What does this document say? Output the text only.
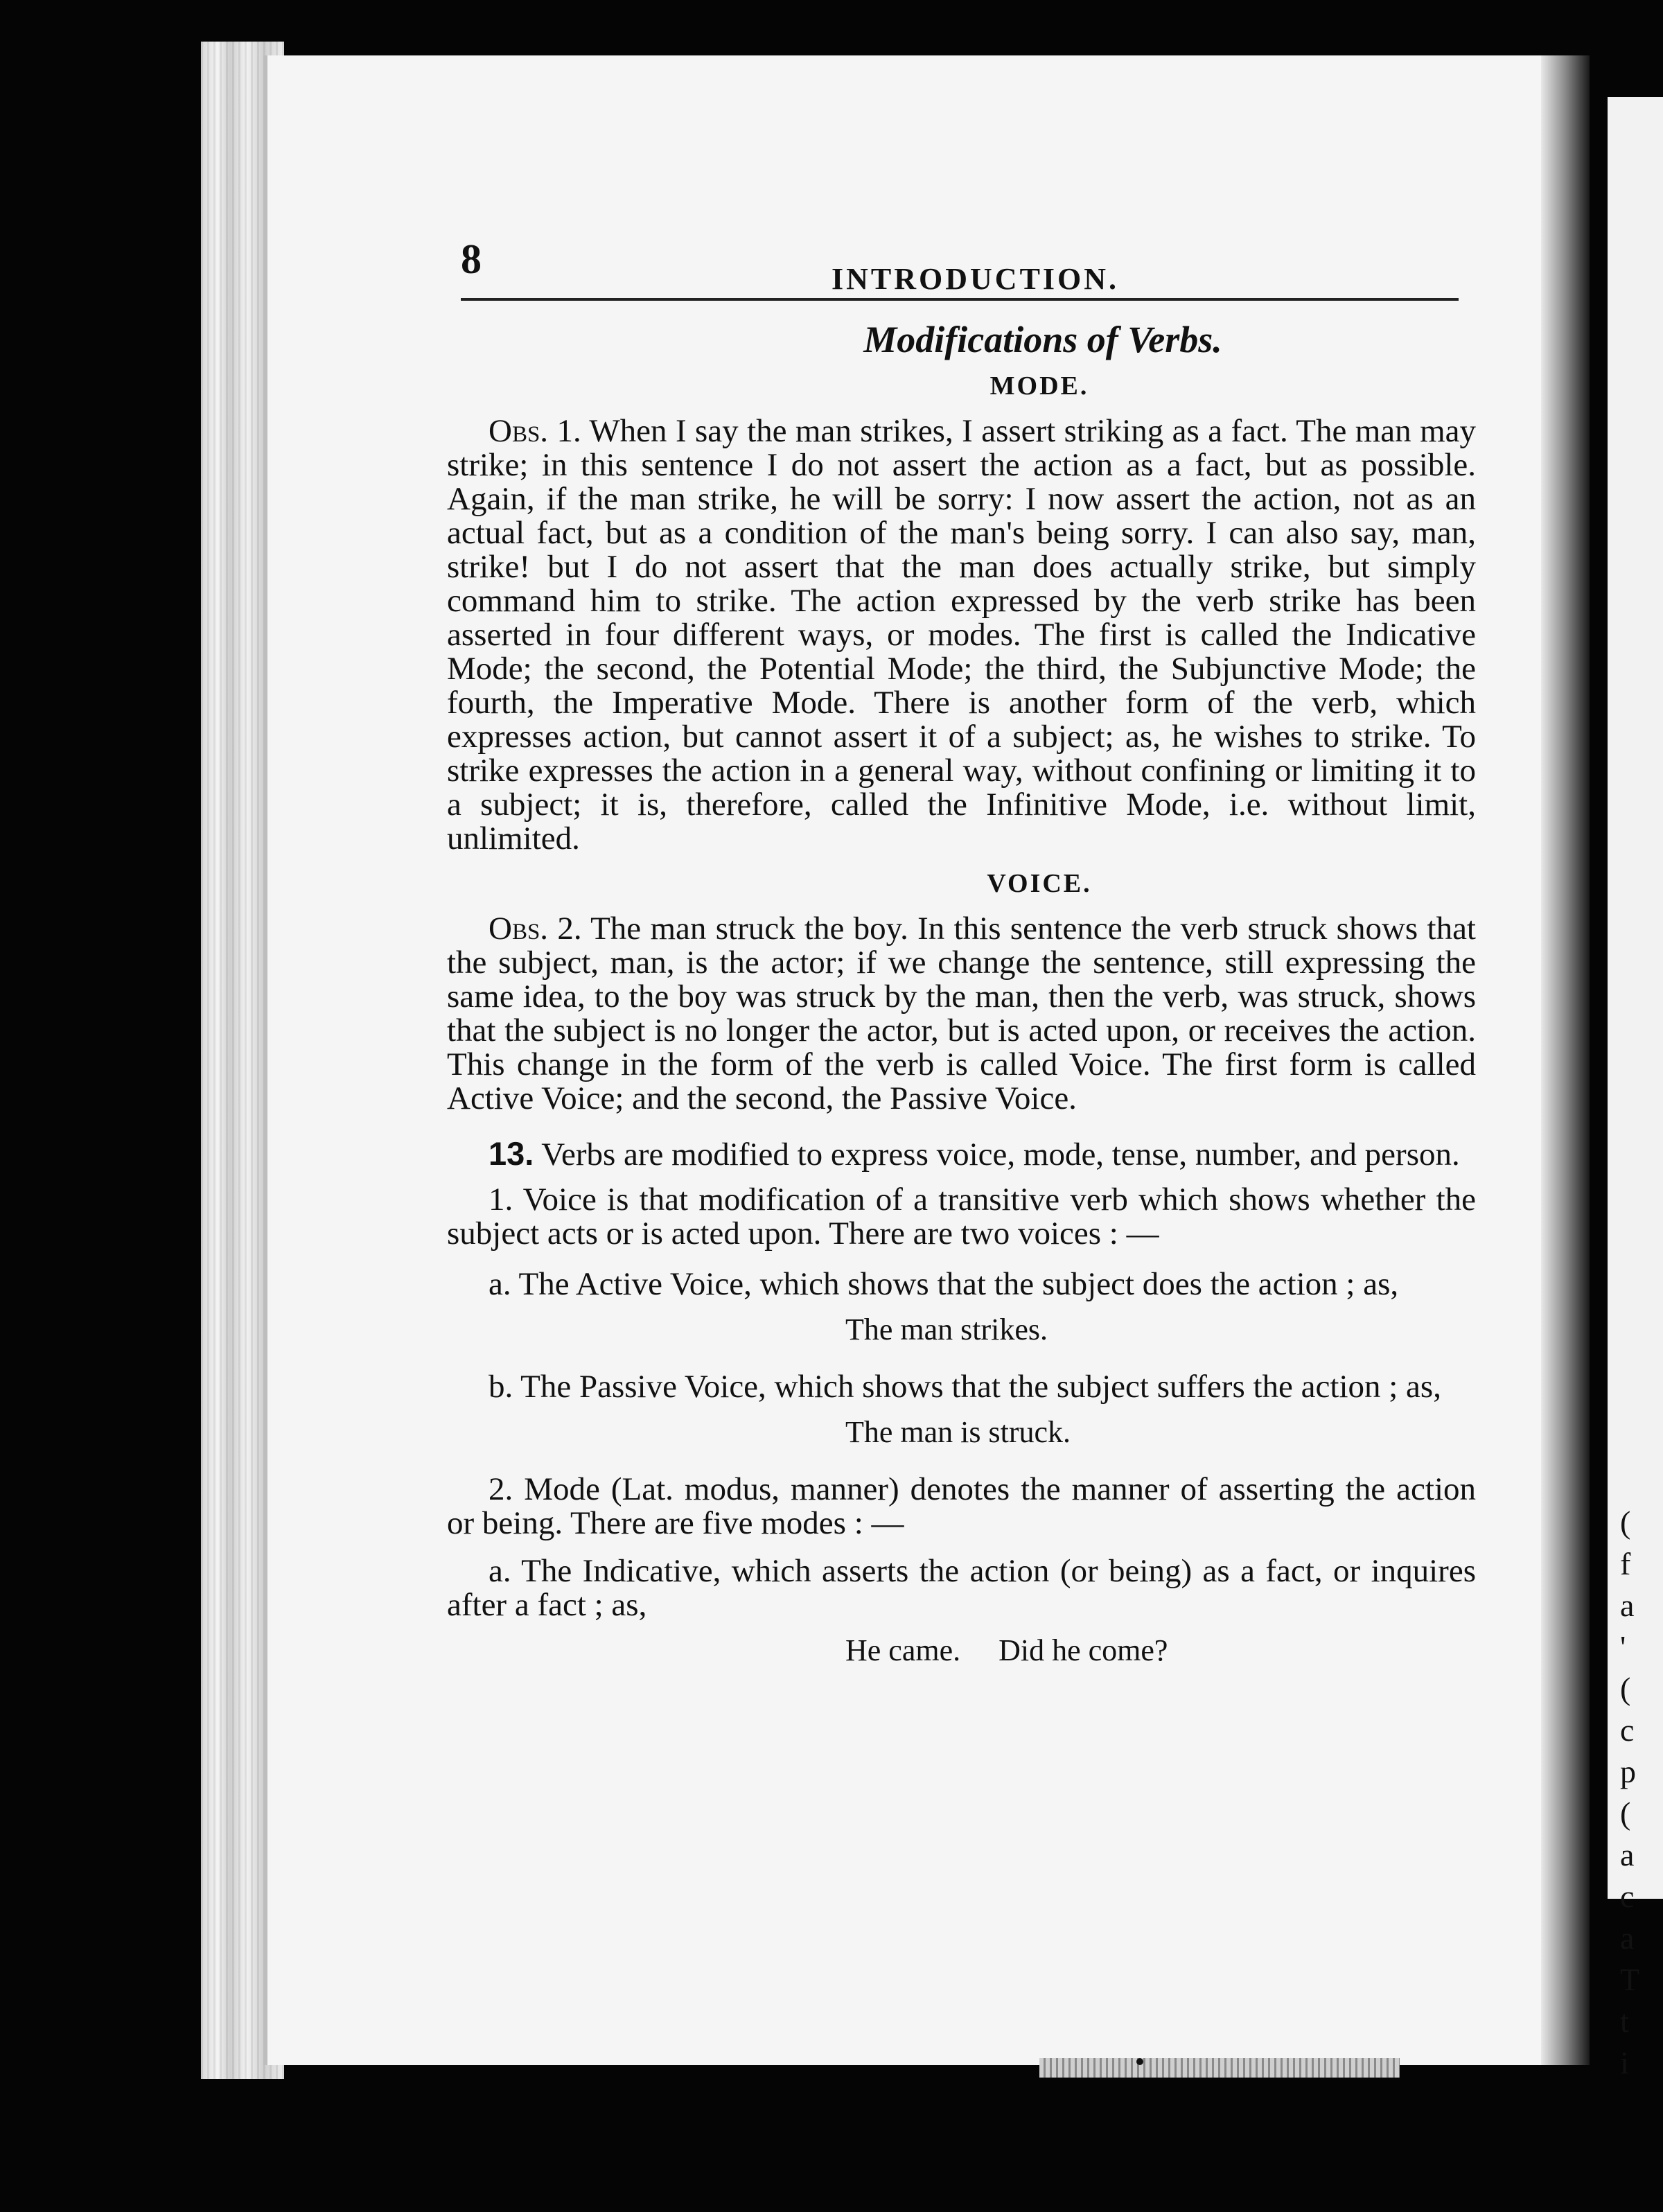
(
f
a
'
(
c
p
(
a
c
a
T
t
i
8	INTRODUCTION.
Modifications of Verbs.
MODE.

Obs. 1. When I say the man strikes, I assert striking as a fact. The man may strike; in this sentence I do not assert the action as a fact, but as possible. Again, if the man strike, he will be sorry: I now assert the action, not as an actual fact, but as a condition of the man's being sorry. I can also say, man, strike! but I do not assert that the man does actually strike, but simply command him to strike. The action expressed by the verb strike has been asserted in four different ways, or modes. The first is called the Indicative Mode; the second, the Potential Mode; the third, the Subjunctive Mode; the fourth, the Imperative Mode. There is another form of the verb, which expresses action, but cannot assert it of a subject; as, he wishes to strike. To strike expresses the action in a general way, without confining or limiting it to a subject; it is, therefore, called the Infinitive Mode, i.e. without limit, unlimited.

VOICE.

Obs. 2. The man struck the boy. In this sentence the verb struck shows that the subject, man, is the actor; if we change the sentence, still expressing the same idea, to the boy was struck by the man, then the verb, was struck, shows that the subject is no longer the actor, but is acted upon, or receives the action. This change in the form of the verb is called Voice. The first form is called Active Voice; and the second, the Passive Voice.

13. Verbs are modified to express voice, mode, tense, number, and person.

1. Voice is that modification of a transitive verb which shows whether the subject acts or is acted upon. There are two voices : —

a. The Active Voice, which shows that the subject does the action ; as,

The man strikes.

b. The Passive Voice, which shows that the subject suffers the action ; as,

The man is struck.

2. Mode (Lat. modus, manner) denotes the manner of asserting the action or being. There are five modes : —

a. The Indicative, which asserts the action (or being) as a fact, or inquires after a fact ; as,

He came.     Did he come?
